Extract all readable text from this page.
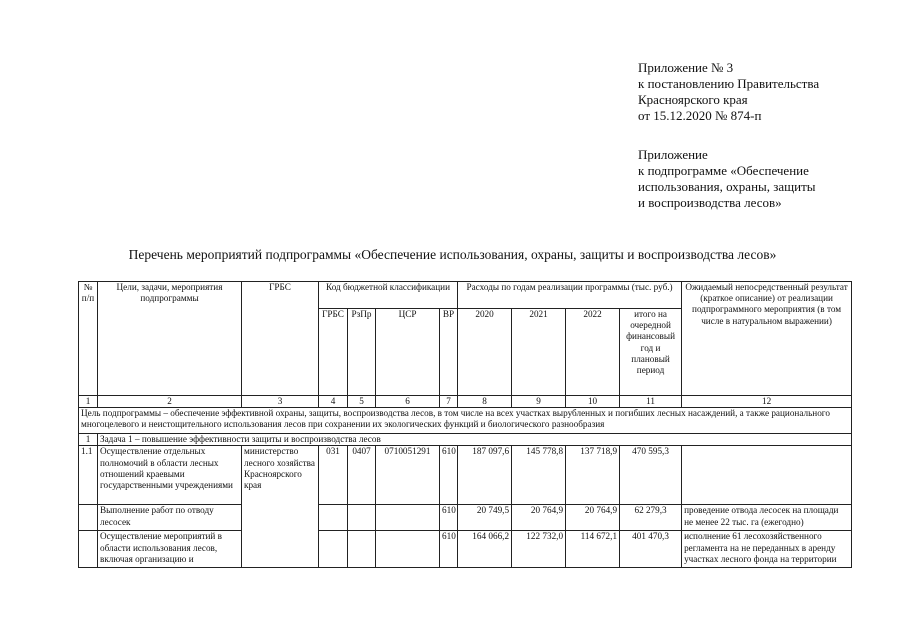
Приложение № 3
к постановлению Правительства
Красноярского края
от 15.12.2020 № 874-п
Приложение
к подпрограмме «Обеспечение
использования, охраны, защиты
и воспроизводства лесов»
Перечень мероприятий подпрограммы «Обеспечение использования, охраны, защиты и воспроизводства лесов»
№ п/п	Цели, задачи, мероприятия подпрограммы	ГРБС	Код бюджетной классификации				Расходы по годам реализации программы (тыс. руб.)				Ожидаемый непосредственный результат (краткое описание) от реализации подпрограммного мероприятия (в том числе в натуральном выражении)
			ГРБС	РзПр	ЦСР	ВР	2020	2021	2022	итого на очередной финансовый год и плановый период	
1	2	3	4	5	6	7	8	9	10	11	12
Цель подпрограммы – обеспечение эффективной охраны, защиты, воспроизводства лесов, в том числе на всех участках вырубленных и погибших лесных насаждений, а также рационального многоцелевого и неистощительного использования лесов при сохранении их экологических функций и биологического разнообразия											
1	Задача 1 – повышение эффективности защиты и воспроизводства лесов										
1.1	Осуществление отдельных полномочий в области лесных отношений краевыми государственными учреждениями	министерство лесного хозяйства Красноярского края	031	0407	0710051291	610	187 097,6	145 778,8	137 718,9	470 595,3	
	Выполнение работ по отводу лесосек					610	20 749,5	20 764,9	20 764,9	62 279,3	проведение отвода лесосек на площади не менее 22 тыс. га (ежегодно)
	Осуществление мероприятий в области использования лесов, включая организацию и					610	164 066,2	122 732,0	114 672,1	401 470,3	исполнение 61 лесохозяйственного регламента на не переданных в аренду участках лесного фонда на территории
